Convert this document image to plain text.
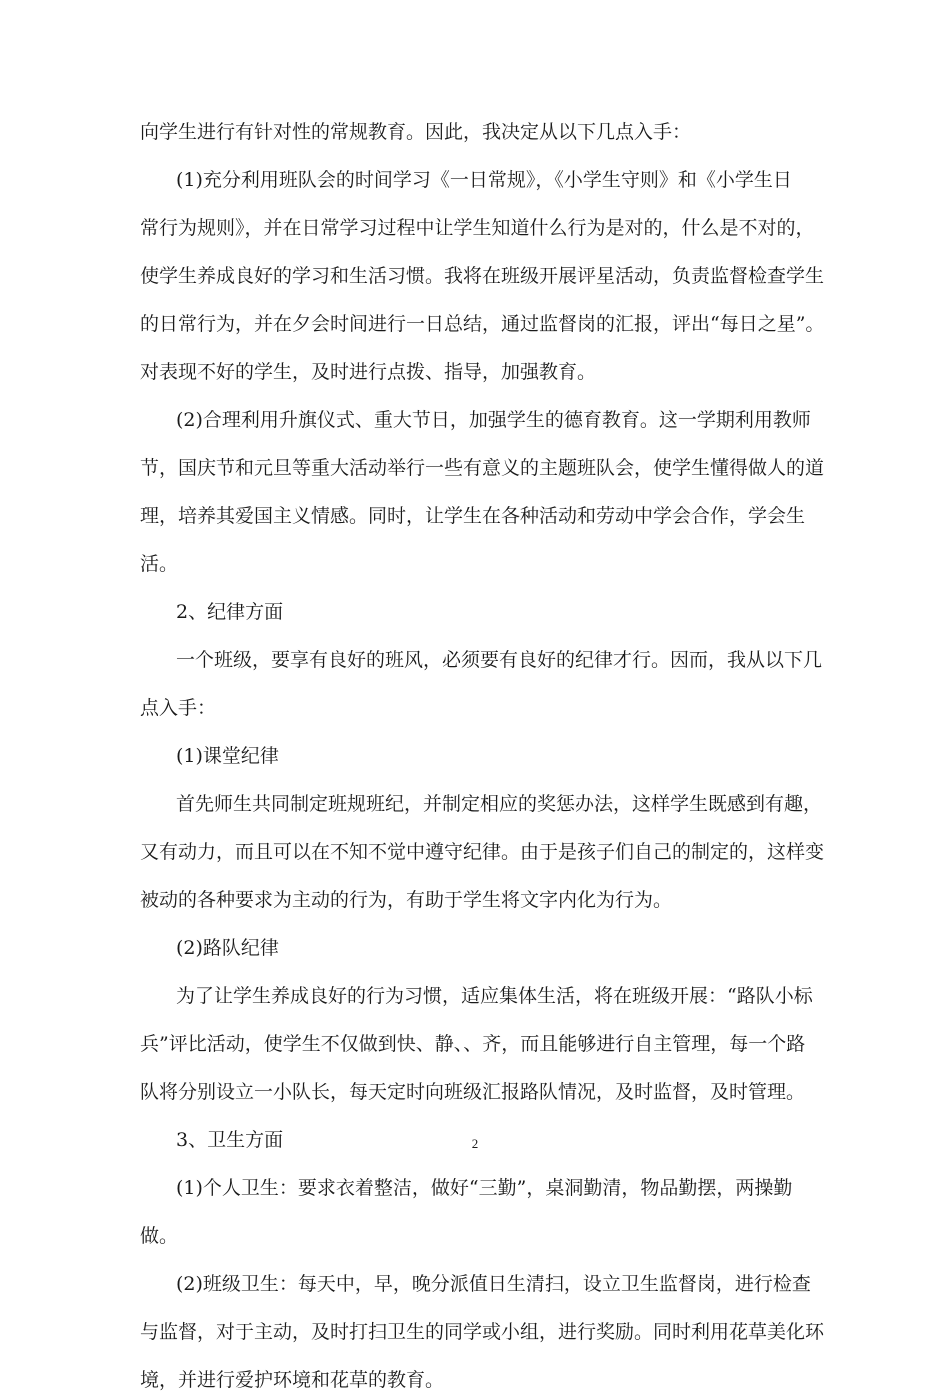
向学生进行有针对性的常规教育。因此，我决定从以下几点入手：

(1)充分利用班队会的时间学习《一日常规》，《小学生守则》和《小学生日

常行为规则》，并在日常学习过程中让学生知道什么行为是对的，什么是不对的，

使学生养成良好的学习和生活习惯。我将在班级开展评星活动，负责监督检查学生

的日常行为，并在夕会时间进行一日总结，通过监督岗的汇报，评出“每日之星”。

对表现不好的学生，及时进行点拨、指导，加强教育。

(2)合理利用升旗仪式、重大节日，加强学生的德育教育。这一学期利用教师

节，国庆节和元旦等重大活动举行一些有意义的主题班队会，使学生懂得做人的道

理，培养其爱国主义情感。同时，让学生在各种活动和劳动中学会合作，学会生

活。

2、纪律方面

一个班级，要享有良好的班风，必须要有良好的纪律才行。因而，我从以下几

点入手：

(1)课堂纪律

首先师生共同制定班规班纪，并制定相应的奖惩办法，这样学生既感到有趣，

又有动力，而且可以在不知不觉中遵守纪律。由于是孩子们自己的制定的，这样变

被动的各种要求为主动的行为，有助于学生将文字内化为行为。

(2)路队纪律

为了让学生养成良好的行为习惯，适应集体生活，将在班级开展：“路队小标

兵”评比活动，使学生不仅做到快、静、、齐，而且能够进行自主管理，每一个路

队将分别设立一小队长，每天定时向班级汇报路队情况，及时监督，及时管理。

3、卫生方面

(1)个人卫生：要求衣着整洁，做好“三勤”，桌洞勤清，物品勤摆，两操勤

做。

(2)班级卫生：每天中，早，晚分派值日生清扫，设立卫生监督岗，进行检查

与监督，对于主动，及时打扫卫生的同学或小组，进行奖励。同时利用花草美化环

境，并进行爱护环境和花草的教育。

2
